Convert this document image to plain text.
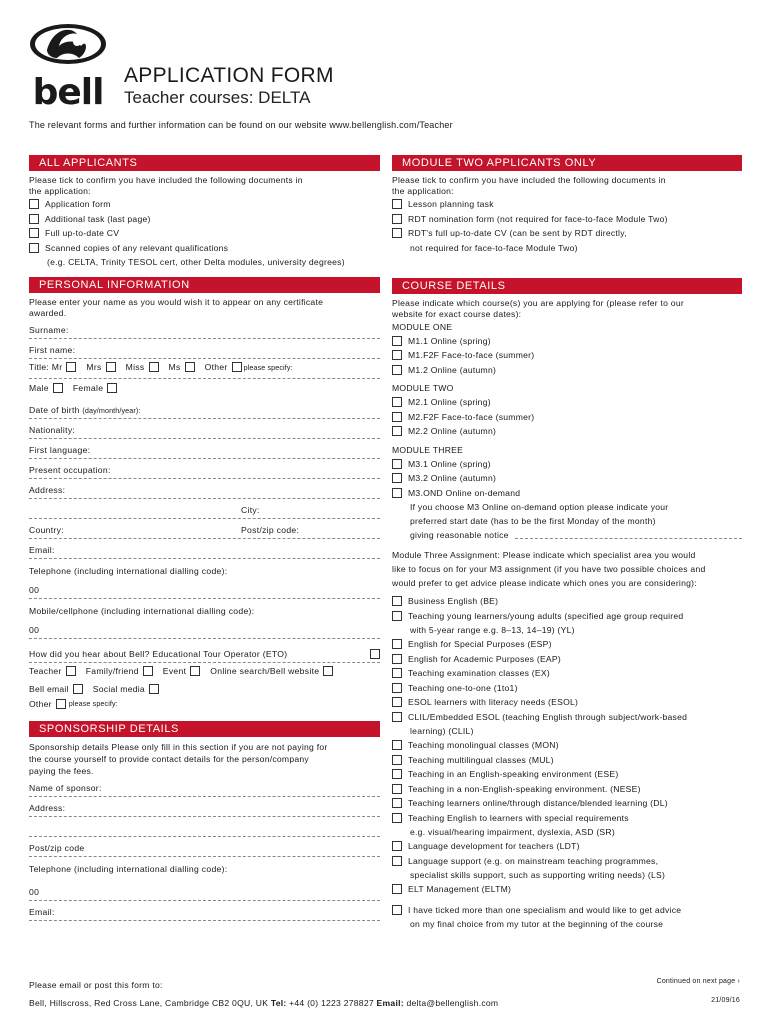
bell APPLICATION FORM
Teacher courses: DELTA
The relevant forms and further information can be found on our website www.bellenglish.com/Teacher
ALL APPLICANTS
Please tick to confirm you have included the following documents in
the application:
Application form
Additional task (last page)
Full up-to-date CV
Scanned copies of any relevant qualifications
(e.g. CELTA, Trinity TESOL cert, other Delta modules, university degrees)
PERSONAL INFORMATION
Please enter your name as you would wish it to appear on any certificate
awarded.
Surname:
First name:
Title: Mr	Mrs	Miss	Ms	Other please specify:
Male	Female
Date of birth
(day/month/year):
Nationality:
First language:
Present occupation:
Address:
City:
Country:	Post/zip code:
Email:
Telephone (including international dialling code):
00
Mobile/cellphone (including international dialling code):
00
How did you hear about Bell? Educational Tour Operator (ETO)
Teacher	Family/friend	Event	Online search/Bell website
Bell email	Social media
Other please specify:
SPONSORSHIP DETAILS
Sponsorship details Please only fill in this section if you are not paying for
the course yourself to provide contact details for the person/company
paying the fees.
Name of sponsor:
Address:
Post/zip code
Telephone (including international dialling code):
00
Email:
MODULE TWO APPLICANTS ONLY
Please tick to confirm you have included the following documents in
the application:
Lesson planning task
RDT nomination form (not required for face-to-face Module Two)
RDT's full up-to-date CV (can be sent by RDT directly,
not required for face-to-face Module Two)
COURSE DETAILS
Please indicate which course(s) you are applying for (please refer to our
website for exact course dates):
MODULE ONE
M1.1 Online (spring)
M1.F2F Face-to-face (summer)
M1.2 Online (autumn)
MODULE TWO
M2.1 Online (spring)
M2.F2F Face-to-face (summer)
M2.2 Online (autumn)
MODULE THREE
M3.1 Online (spring)
M3.2 Online (autumn)
M3.OND Online on-demand
If you choose M3 Online on-demand option please indicate your
preferred start date (has to be the first Monday of the month)
giving reasonable notice
Module Three Assignment: Please indicate which specialist area you would
like to focus on for your M3 assignment (if you have two possible choices and
would prefer to get advice please indicate which ones you are considering):
Business English (BE)
Teaching young learners/young adults (specified age group required
with 5-year range e.g. 8–13, 14–19) (YL)
English for Special Purposes (ESP)
English for Academic Purposes (EAP)
Teaching examination classes (EX)
Teaching one-to-one (1to1)
ESOL learners with literacy needs (ESOL)
CLIL/Embedded ESOL (teaching English through subject/work-based
learning) (CLIL)
Teaching monolingual classes (MON)
Teaching multilingual classes (MUL)
Teaching in an English-speaking environment (ESE)
Teaching in a non-English-speaking environment. (NESE)
Teaching learners online/through distance/blended learning (DL)
Teaching English to learners with special requirements
e.g. visual/hearing impairment, dyslexia, ASD (SR)
Language development for teachers (LDT)
Language support (e.g. on mainstream teaching programmes,
specialist skills support, such as supporting writing needs) (LS)
ELT Management (ELTM)
I have ticked more than one specialism and would like to get advice
on my final choice from my tutor at the beginning of the course
Please email or post this form to:
Bell, Hillscross, Red Cross Lane, Cambridge CB2 0QU, UK Tel: +44 (0) 1223 278827 Email: delta@bellenglish.com
Continued on next page ›
21/09/16
